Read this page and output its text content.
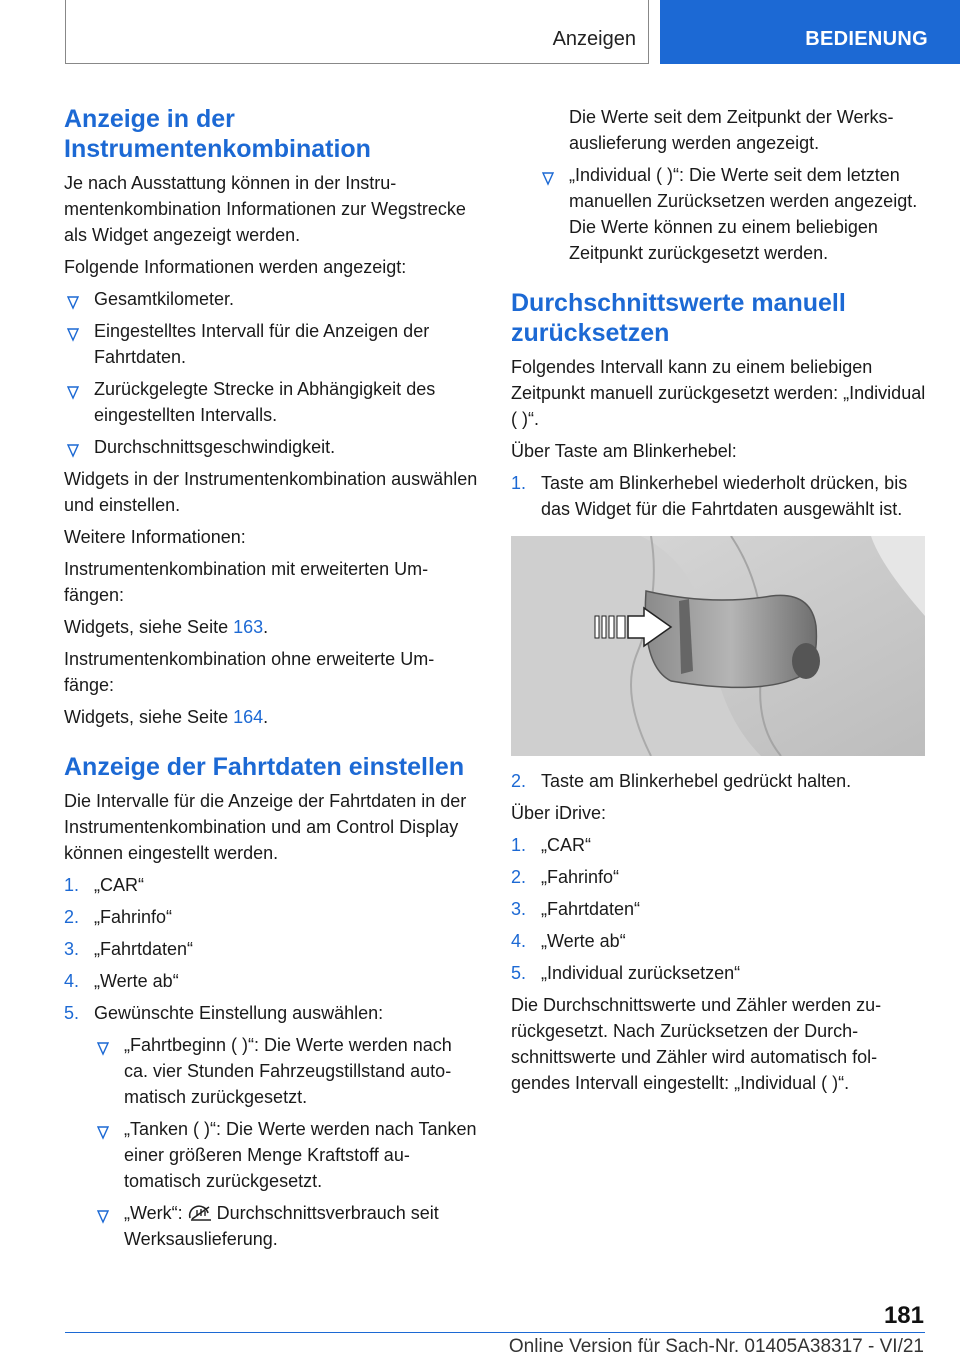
Anzeigen	BEDIENUNG
Anzeige in der Instrumentenkombination

Je nach Ausstattung können in der Instrumentenkombination Informationen zur Wegstrecke als Widget angezeigt werden.

Folgende Informationen werden angezeigt:

Gesamtkilometer.
Eingestelltes Intervall für die Anzeigen der Fahrtdaten.
Zurückgelegte Strecke in Abhängigkeit des eingestellten Intervalls.
Durchschnittsgeschwindigkeit.

Widgets in der Instrumentenkombination auswählen und einstellen.

Weitere Informationen:

Instrumentenkombination mit erweiterten Umfängen:

Widgets, siehe Seite 163.

Instrumentenkombination ohne erweiterte Umfänge:

Widgets, siehe Seite 164.

Anzeige der Fahrtdaten einstellen

Die Intervalle für die Anzeige der Fahrtdaten in der Instrumentenkombination und am Control Display können eingestellt werden.

1. „CAR“
2. „Fahrinfo“
3. „Fahrtdaten“
4. „Werte ab“
5. Gewünschte Einstellung auswählen:
„Fahrtbeginn ( )“: Die Werte werden nach ca. vier Stunden Fahrzeugstillstand automatisch zurückgesetzt.
„Tanken ( )“: Die Werte werden nach Tanken einer größeren Menge Kraftstoff automatisch zurückgesetzt.
„Werk“: Durchschnittsverbrauch seit Werksauslieferung.

Die Werte seit dem Zeitpunkt der Werksauslieferung werden angezeigt.

„Individual ( )“: Die Werte seit dem letzten manuellen Zurücksetzen werden angezeigt. Die Werte können zu einem beliebigen Zeitpunkt zurückgesetzt werden.
Durchschnittswerte manuell zurücksetzen

Folgendes Intervall kann zu einem beliebigen Zeitpunkt manuell zurückgesetzt werden: „Individual ( )“.

Über Taste am Blinkerhebel:

1. Taste am Blinkerhebel wiederholt drücken, bis das Widget für die Fahrtdaten ausgewählt ist.
2. Taste am Blinkerhebel gedrückt halten.

Über iDrive:

1. „CAR“
2. „Fahrinfo“
3. „Fahrtdaten“
4. „Werte ab“
5. „Individual zurücksetzen“

Die Durchschnittswerte und Zähler werden zurückgesetzt. Nach Zurücksetzen der Durchschnittswerte und Zähler wird automatisch folgendes Intervall eingestellt: „Individual ( )“.

181
Online Version für Sach-Nr. 01405A38317 - VI/21
